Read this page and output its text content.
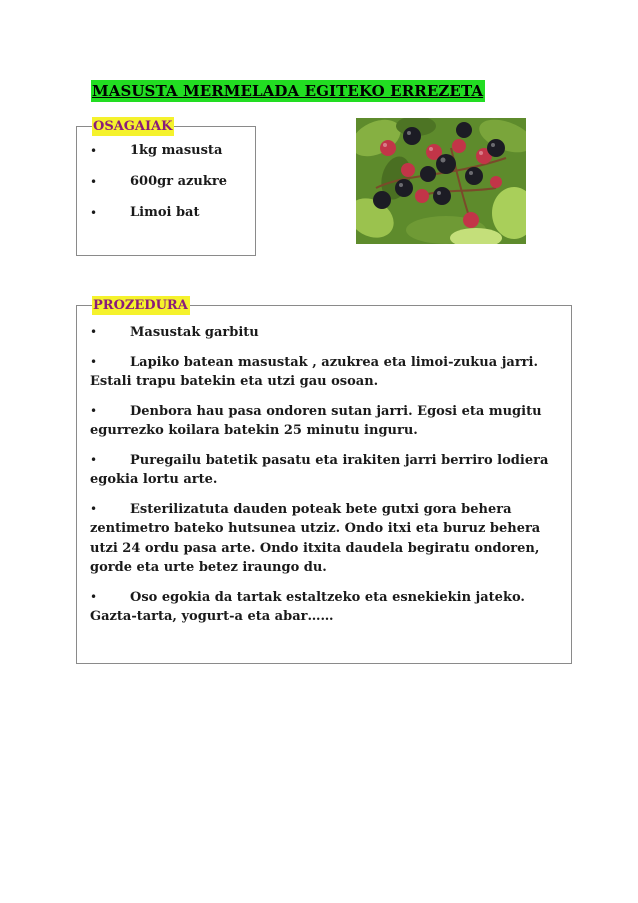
MASUSTA MERMELADA EGITEKO ERREZETA
OSAGAIAK
•	1kg masusta
•	600gr azukre
•	Limoi bat
PROZEDURA
•	Masustak garbitu
•	Lapiko batean masustak , azukrea eta limoi-zukua jarri. Estali trapu batekin eta utzi gau osoan.
•	Denbora hau pasa ondoren sutan jarri. Egosi eta mugitu egurrezko koilara batekin 25 minutu inguru.
•	Puregailu batetik pasatu eta irakiten jarri berriro lodiera egokia lortu arte.
•	Esterilizatuta dauden poteak bete gutxi gora behera zentimetro bateko hutsunea utziz. Ondo itxi eta buruz behera utzi 24 ordu pasa arte. Ondo itxita daudela begiratu ondoren, gorde eta urte betez iraungo du.
•	Oso egokia da tartak estaltzeko eta esnekiekin jateko. Gazta-tarta, yogurt-a eta abar……
